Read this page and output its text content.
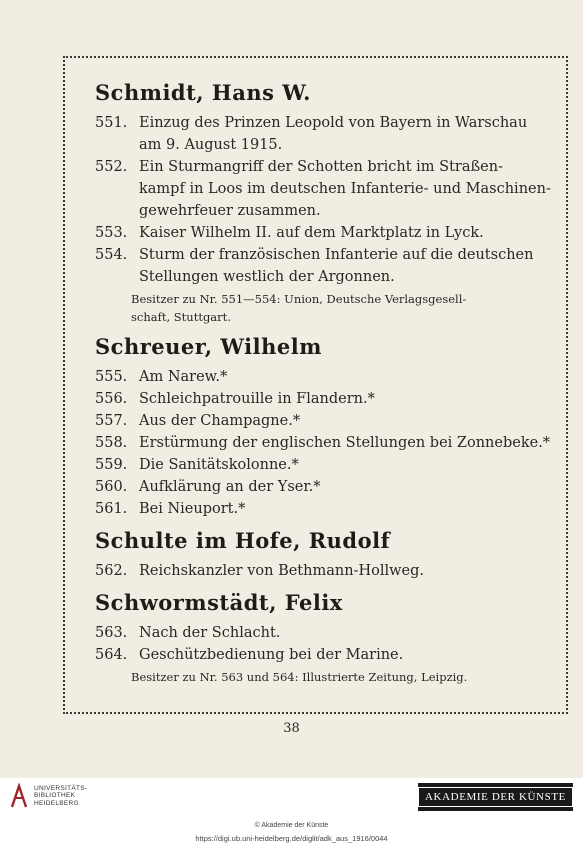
Schmidt, Hans W.
551. Einzug des Prinzen Leopold von Bayern in Warschau
am 9. August 1915.
552. Ein Sturmangriff der Schotten bricht im Straßen-
kampf in Loos im deutschen Infanterie- und Maschinen-
gewehrfeuer zusammen.
553. Kaiser Wilhelm II. auf dem Marktplatz in Lyck.
554. Sturm der französischen Infanterie auf die deutschen
Stellungen westlich der Argonnen.
Besitzer zu Nr. 551—554: Union, Deutsche Verlagsgesell-
schaft, Stuttgart.
Schreuer, Wilhelm
555. Am Narew.*
556. Schleichpatrouille in Flandern.*
557. Aus der Champagne.*
558. Erstürmung der englischen Stellungen bei Zonnebeke.*
559. Die Sanitätskolonne.*
560. Aufklärung an der Yser.*
561. Bei Nieuport.*
Schulte im Hofe, Rudolf
562. Reichskanzler von Bethmann-Hollweg.
Schwormstädt, Felix
563. Nach der Schlacht.
564. Geschützbedienung bei der Marine.
Besitzer zu Nr. 563 und 564: Illustrierte Zeitung, Leipzig.
38
UNIVERSITÄTS-
BIBLIOTHEK
HEIDELBERG
AKADEMIE DER KÜNSTE
© Akademie der Künste
https://digi.ub.uni-heidelberg.de/diglit/adk_aus_1916/0044
